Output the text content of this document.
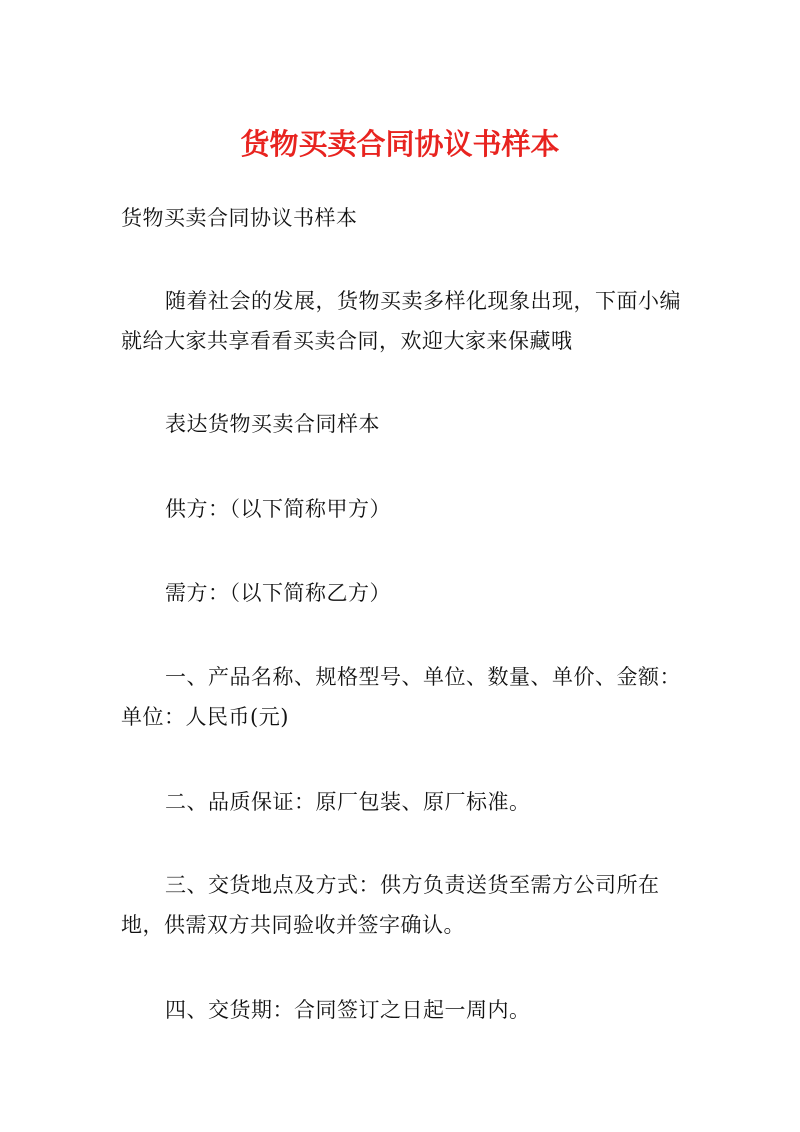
货物买卖合同协议书样本

货物买卖合同协议书样本

随着社会的发展，货物买卖多样化现象出现，下面小编就给大家共享看看买卖合同，欢迎大家来保藏哦

表达货物买卖合同样本

供方：（以下简称甲方）

需方：（以下简称乙方）

一、产品名称、规格型号、单位、数量、单价、金额：单位：人民币(元)

二、品质保证：原厂包装、原厂标准。

三、交货地点及方式：供方负责送货至需方公司所在地，供需双方共同验收并签字确认。

四、交货期：合同签订之日起一周内。
